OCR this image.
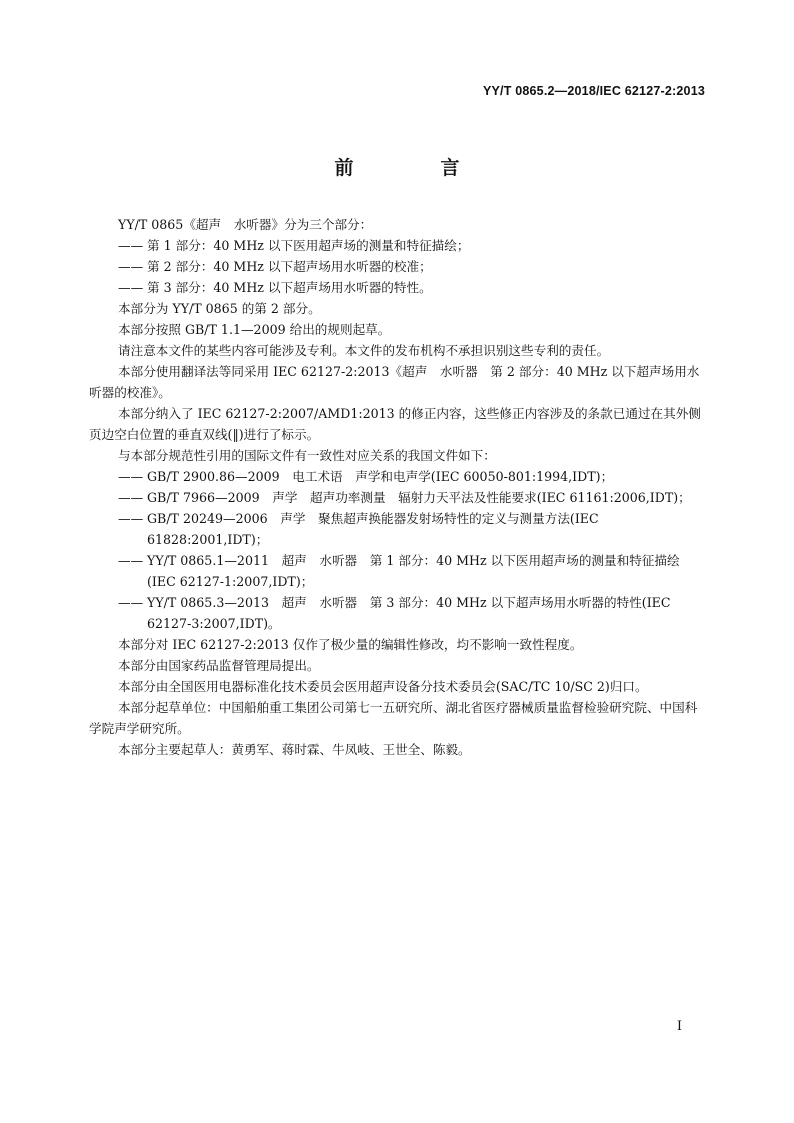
YY/T 0865.2—2018/IEC 62127-2:2013
前　言

YY/T 0865《超声　水听器》分为三个部分：

—— 第 1 部分：40 MHz 以下医用超声场的测量和特征描绘；

—— 第 2 部分：40 MHz 以下超声场用水听器的校准；

—— 第 3 部分：40 MHz 以下超声场用水听器的特性。

本部分为 YY/T 0865 的第 2 部分。

本部分按照 GB/T 1.1—2009 给出的规则起草。

请注意本文件的某些内容可能涉及专利。本文件的发布机构不承担识别这些专利的责任。

本部分使用翻译法等同采用 IEC 62127-2:2013《超声　水听器　第 2 部分：40 MHz 以下超声场用水听器的校准》。

本部分纳入了 IEC 62127-2:2007/AMD1:2013 的修正内容，这些修正内容涉及的条款已通过在其外侧页边空白位置的垂直双线(‖)进行了标示。

与本部分规范性引用的国际文件有一致性对应关系的我国文件如下：

—— GB/T 2900.86—2009　电工术语　声学和电声学(IEC 60050-801:1994,IDT)；

—— GB/T 7966—2009　声学　超声功率测量　辐射力天平法及性能要求(IEC 61161:2006,IDT)；

—— GB/T 20249—2006　声学　聚焦超声换能器发射场特性的定义与测量方法(IEC 61828:2001,IDT)；

—— YY/T 0865.1—2011　超声　水听器　第 1 部分：40 MHz 以下医用超声场的测量和特征描绘(IEC 62127-1:2007,IDT)；

—— YY/T 0865.3—2013　超声　水听器　第 3 部分：40 MHz 以下超声场用水听器的特性(IEC 62127-3:2007,IDT)。

本部分对 IEC 62127-2:2013 仅作了极少量的编辑性修改，均不影响一致性程度。

本部分由国家药品监督管理局提出。

本部分由全国医用电器标准化技术委员会医用超声设备分技术委员会(SAC/TC 10/SC 2)归口。

本部分起草单位：中国船舶重工集团公司第七一五研究所、湖北省医疗器械质量监督检验研究院、中国科学院声学研究所。

本部分主要起草人：黄勇军、蒋时霖、牛凤岐、王世全、陈毅。

I
